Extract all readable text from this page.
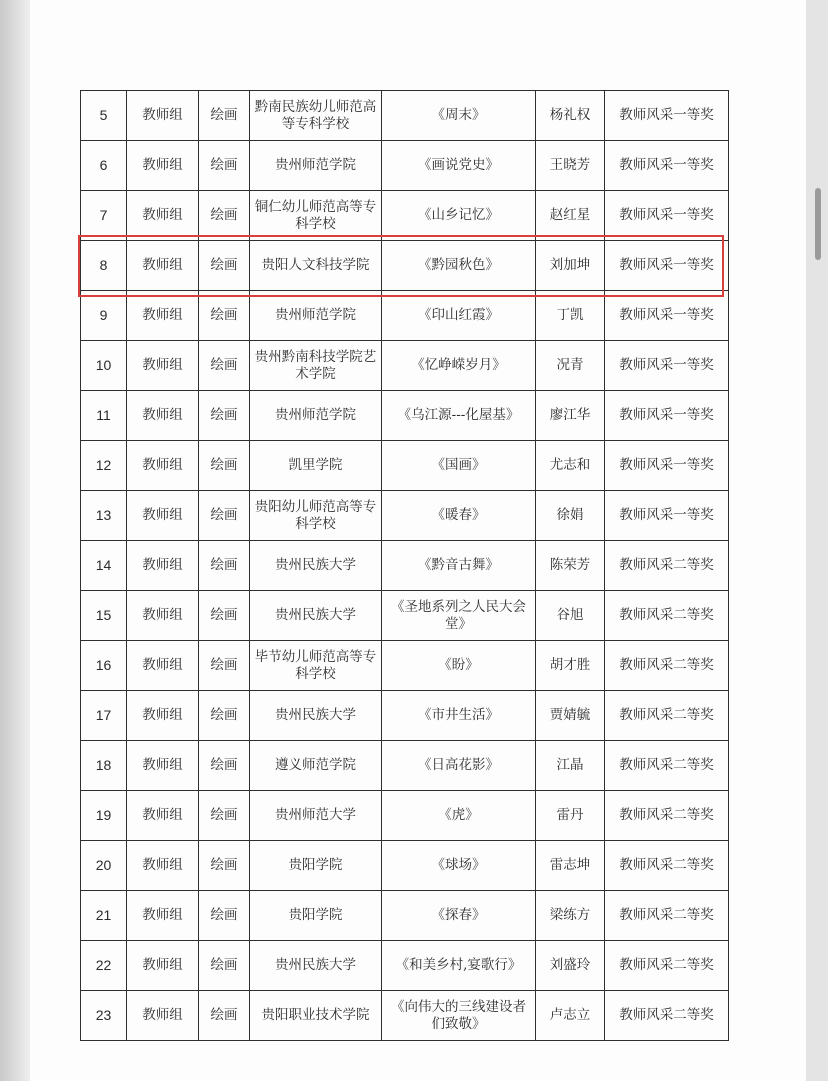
5	教师组	绘画	黔南民族幼儿师范高等专科学校	《周末》	杨礼权	教师风采一等奖
6	教师组	绘画	贵州师范学院	《画说党史》	王晓芳	教师风采一等奖
7	教师组	绘画	铜仁幼儿师范高等专科学校	《山乡记忆》	赵红星	教师风采一等奖
8	教师组	绘画	贵阳人文科技学院	《黔园秋色》	刘加坤	教师风采一等奖
9	教师组	绘画	贵州师范学院	《印山红霞》	丁凯	教师风采一等奖
10	教师组	绘画	贵州黔南科技学院艺术学院	《忆峥嵘岁月》	况青	教师风采一等奖
11	教师组	绘画	贵州师范学院	《乌江源---化屋基》	廖江华	教师风采一等奖
12	教师组	绘画	凯里学院	《国画》	尤志和	教师风采一等奖
13	教师组	绘画	贵阳幼儿师范高等专科学校	《暖春》	徐娟	教师风采一等奖
14	教师组	绘画	贵州民族大学	《黔音古舞》	陈荣芳	教师风采二等奖
15	教师组	绘画	贵州民族大学	《圣地系列之人民大会堂》	谷旭	教师风采二等奖
16	教师组	绘画	毕节幼儿师范高等专科学校	《盼》	胡才胜	教师风采二等奖
17	教师组	绘画	贵州民族大学	《市井生活》	贾婧毓	教师风采二等奖
18	教师组	绘画	遵义师范学院	《日高花影》	江晶	教师风采二等奖
19	教师组	绘画	贵州师范大学	《虎》	雷丹	教师风采二等奖
20	教师组	绘画	贵阳学院	《球场》	雷志坤	教师风采二等奖
21	教师组	绘画	贵阳学院	《探春》	梁练方	教师风采二等奖
22	教师组	绘画	贵州民族大学	《和美乡村,宴歌行》	刘盛玲	教师风采二等奖
23	教师组	绘画	贵阳职业技术学院	《向伟大的三线建设者们致敬》	卢志立	教师风采二等奖
